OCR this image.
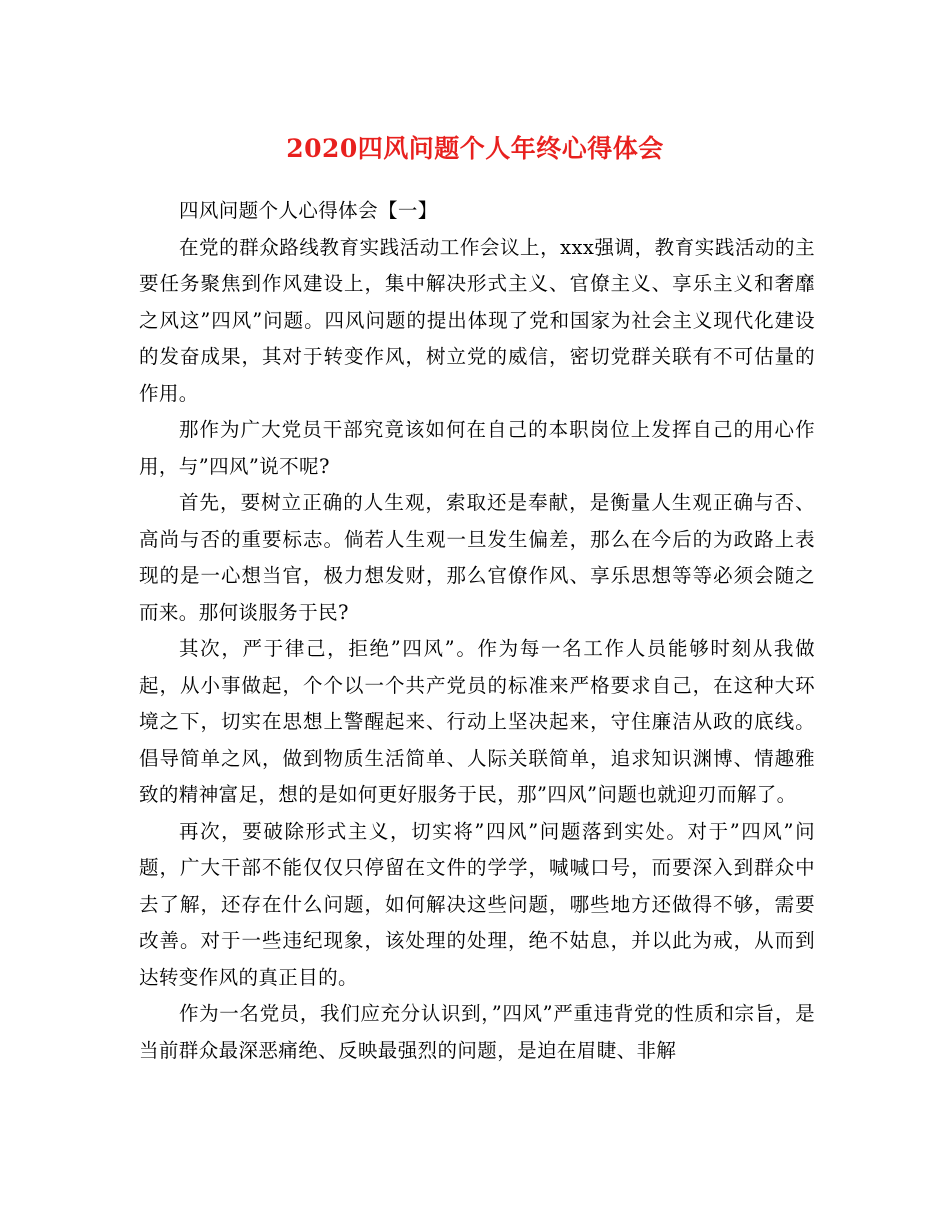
2020四风问题个人年终心得体会

四风问题个人心得体会【一】

在党的群众路线教育实践活动工作会议上，xxx强调，教育实践活动的主要任务聚焦到作风建设上，集中解决形式主义、官僚主义、享乐主义和奢靡之风这”四风”问题。四风问题的提出体现了党和国家为社会主义现代化建设的发奋成果，其对于转变作风，树立党的威信，密切党群关联有不可估量的作用。

那作为广大党员干部究竟该如何在自己的本职岗位上发挥自己的用心作用，与”四风”说不呢?

首先，要树立正确的人生观，索取还是奉献，是衡量人生观正确与否、高尚与否的重要标志。倘若人生观一旦发生偏差，那么在今后的为政路上表现的是一心想当官，极力想发财，那么官僚作风、享乐思想等等必须会随之而来。那何谈服务于民?

其次，严于律己，拒绝”四风”。作为每一名工作人员能够时刻从我做起，从小事做起，个个以一个共产党员的标准来严格要求自己，在这种大环境之下，切实在思想上警醒起来、行动上坚决起来，守住廉洁从政的底线。倡导简单之风，做到物质生活简单、人际关联简单，追求知识渊博、情趣雅致的精神富足，想的是如何更好服务于民，那”四风”问题也就迎刃而解了。

再次，要破除形式主义，切实将”四风”问题落到实处。对于”四风”问题，广大干部不能仅仅只停留在文件的学学，喊喊口号，而要深入到群众中去了解，还存在什么问题，如何解决这些问题，哪些地方还做得不够，需要改善。对于一些违纪现象，该处理的处理，绝不姑息，并以此为戒，从而到达转变作风的真正目的。

作为一名党员，我们应充分认识到，”四风”严重违背党的性质和宗旨，是当前群众最深恶痛绝、反映最强烈的问题，是迫在眉睫、非解
